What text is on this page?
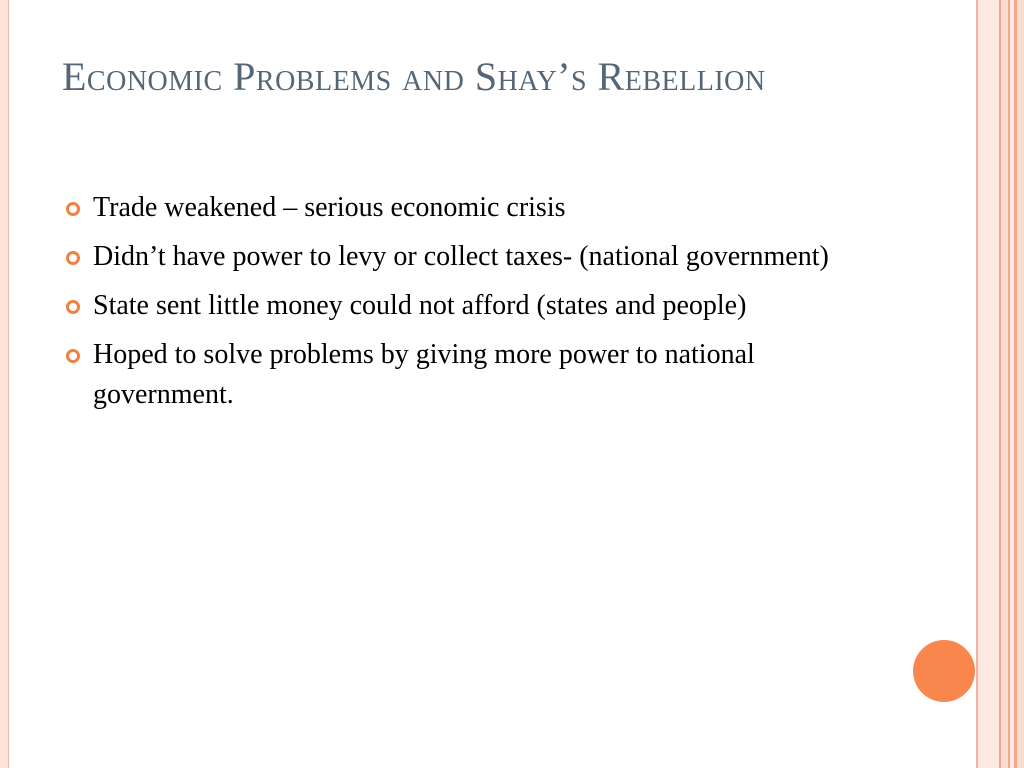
Economic Problems and Shay’s Rebellion
Trade weakened – serious economic crisis
Didn’t have power to levy or collect taxes- (national government)
State sent little money could not afford (states and people)
Hoped to solve problems by giving more power to national government.
